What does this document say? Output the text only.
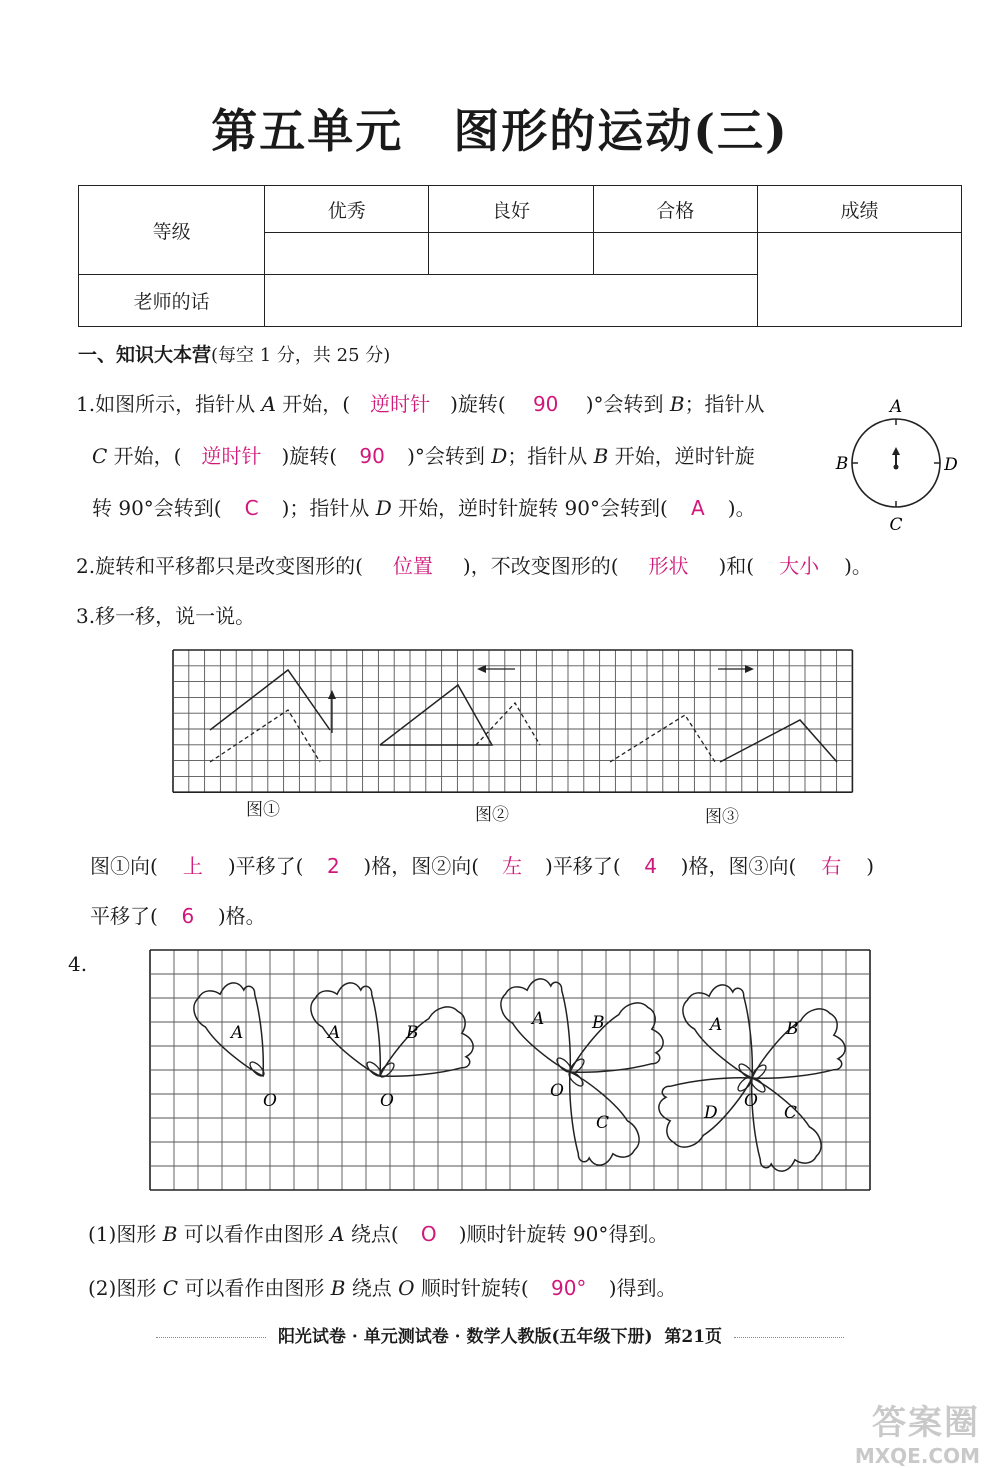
第五单元 图形的运动(三)
等级	优秀	良好	合格	成绩

老师的话				
一、知识大本营(每空 1 分，共 25 分)
1.如图所示，指针从 A 开始，( 逆时针 )旋转( 90 )°会转到 B；指针从
C 开始，( 逆时针 )旋转( 90 )°会转到 D；指针从 B 开始，逆时针旋
转 90°会转到( C )；指针从 D 开始，逆时针旋转 90°会转到( A )。
A
D
C
B
2.旋转和平移都只是改变图形的( 位置 )，不改变图形的( 形状 )和( 大小 )。
3.移一移，说一说。
图①	图②	图③
图①向( 上 )平移了( 2 )格，图②向( 左 )平移了( 4 )格，图③向( 右 )
平移了( 6 )格。
4.
A
O
A	B
O
A	B
C
O
A	B
C
D
O
(1)图形 B 可以看作由图形 A 绕点( O )顺时针旋转 90°得到。
(2)图形 C 可以看作由图形 B 绕点 O 顺时针旋转( 90° )得到。
阳光试卷 · 单元测试卷 · 数学人教版(五年级下册) 第21页
答案圈
MXQE.COM
